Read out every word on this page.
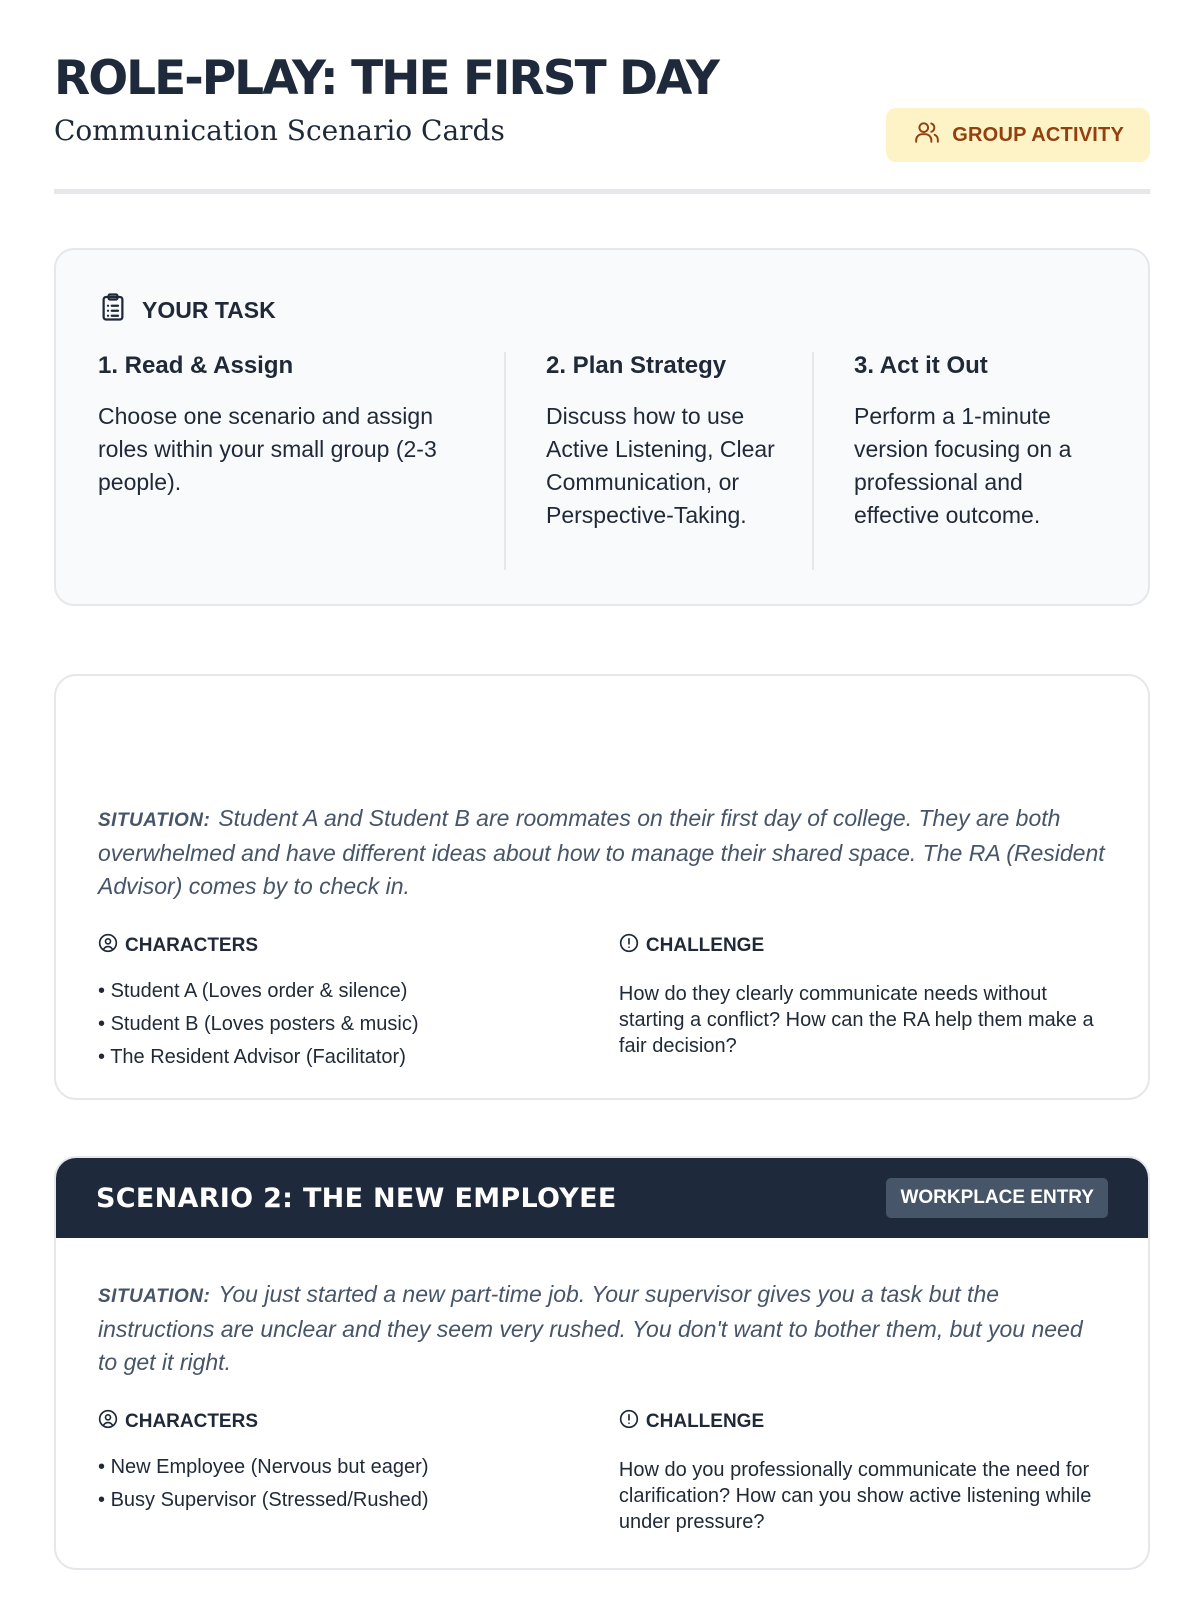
ROLE-PLAY: THE FIRST DAY
Communication Scenario Cards	GROUP ACTIVITY
YOUR TASK
1. Read & Assign
Choose one scenario and assign roles within your small group (2-3 people).
2. Plan Strategy
Discuss how to use Active Listening, Clear Communication, or Perspective-Taking.
3. Act it Out
Perform a 1-minute version focusing on a professional and effective outcome.

SITUATION: Student A and Student B are roommates on their first day of college. They are both overwhelmed and have different ideas about how to manage their shared space. The RA (Resident Advisor) comes by to check in.

CHARACTERS
• Student A (Loves order & silence)
• Student B (Loves posters & music)
• The Resident Advisor (Facilitator)
CHALLENGE

How do they clearly communicate needs without starting a conflict? How can the RA help them make a fair decision?

SCENARIO 2: THE NEW EMPLOYEE	WORKPLACE ENTRY

SITUATION: You just started a new part-time job. Your supervisor gives you a task but the instructions are unclear and they seem very rushed. You don't want to bother them, but you need to get it right.

CHARACTERS
• New Employee (Nervous but eager)
• Busy Supervisor (Stressed/Rushed)
CHALLENGE

How do you professionally communicate the need for clarification? How can you show active listening while under pressure?
